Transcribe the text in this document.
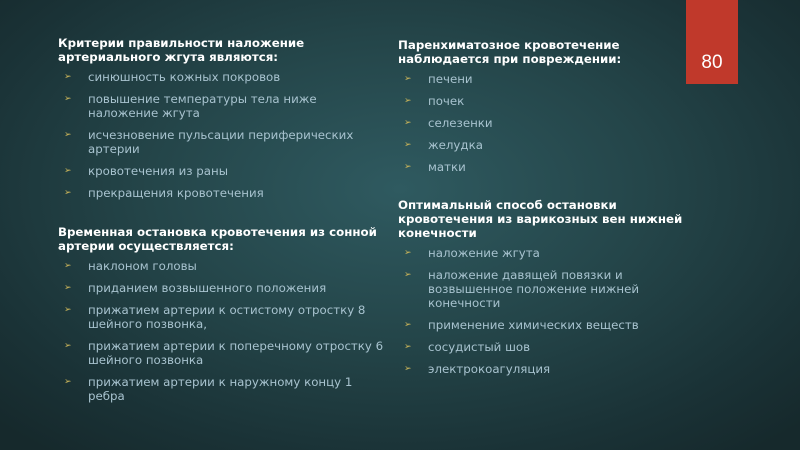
80

Критерии правильности наложение артериального жгута являются:

➢ синюшность кожных покровов
➢ повышение температуры тела ниже наложение жгута
➢ исчезновение пульсации периферических артерии
➢ кровотечения из раны
➢ прекращения кровотечения

Временная остановка кровотечения из сонной артерии осуществляется:

➢ наклоном головы
➢ приданием возвышенного положения
➢ прижатием артерии к остистому отростку 8 шейного позвонка,
➢ прижатием артерии к поперечному отростку 6 шейного позвонка
➢ прижатием артерии к наружному концу 1 ребра

Паренхиматозное кровотечение наблюдается при повреждении:

➢ печени
➢ почек
➢ селезенки
➢ желудка
➢ матки

Оптимальный способ остановки кровотечения из варикозных вен нижней конечности

➢ наложение жгута
➢ наложение давящей повязки и возвышенное положение нижней конечности
➢ применение химических веществ
➢ сосудистый шов
➢ электрокоагуляция
